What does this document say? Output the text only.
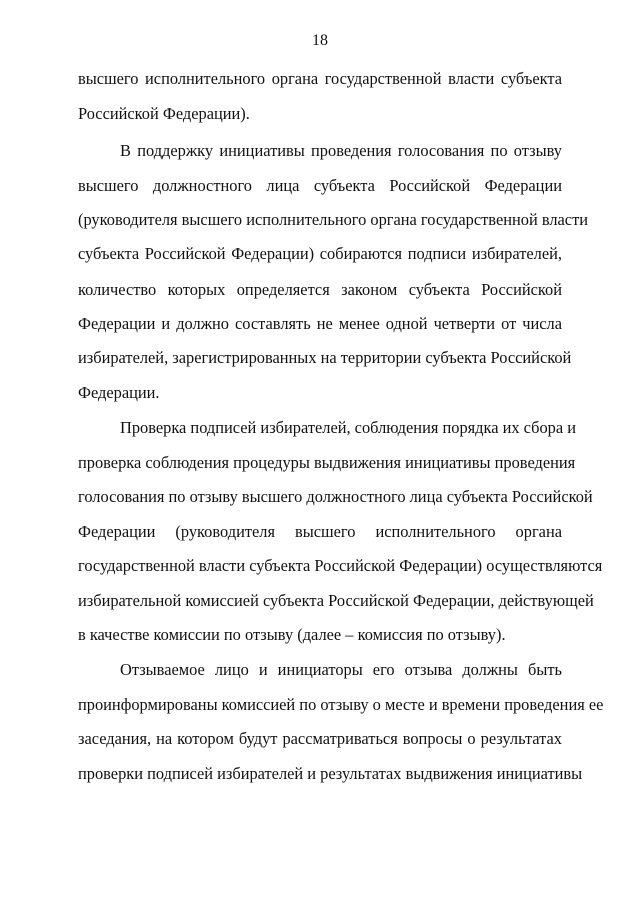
18
высшего исполнительного органа государственной власти субъекта
Российской Федерации).
В поддержку инициативы проведения голосования по отзыву
высшего должностного лица субъекта Российской Федерации
(руководителя высшего исполнительного органа государственной власти
субъекта Российской Федерации) собираются подписи избирателей,
количество которых определяется законом субъекта Российской
Федерации и должно составлять не менее одной четверти от числа
избирателей, зарегистрированных на территории субъекта Российской
Федерации.
Проверка подписей избирателей, соблюдения порядка их сбора и
проверка соблюдения процедуры выдвижения инициативы проведения
голосования по отзыву высшего должностного лица субъекта Российской
Федерации (руководителя высшего исполнительного органа
государственной власти субъекта Российской Федерации) осуществляются
избирательной комиссией субъекта Российской Федерации, действующей
в качестве комиссии по отзыву (далее – комиссия по отзыву).
Отзываемое лицо и инициаторы его отзыва должны быть
проинформированы комиссией по отзыву о месте и времени проведения ее
заседания, на котором будут рассматриваться вопросы о результатах
проверки подписей избирателей и результатах выдвижения инициативы
